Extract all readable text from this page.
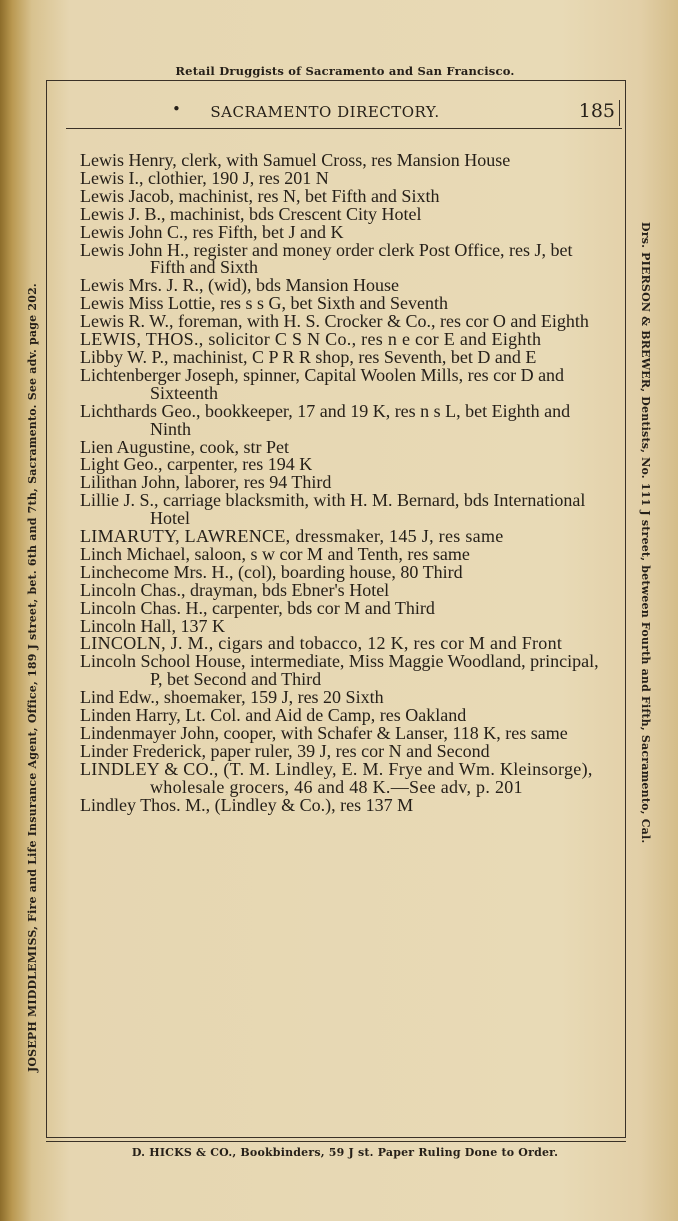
Retail Druggists of Sacramento and San Francisco.
•	SACRAMENTO DIRECTORY.	185
JOSEPH MIDDLEMISS, Fire and Life Insurance Agent, Office, 189 J street, bet. 6th and 7th, Sacramento. See adv. page 202.	Drs. PIERSON & BREWER, Dentists, No. 111 J street, between Fourth and Fifth, Sacramento, Cal.
Lewis Henry, clerk, with Samuel Cross, res Mansion House
Lewis I., clothier, 190 J, res 201 N
Lewis Jacob, machinist, res N, bet Fifth and Sixth
Lewis J. B., machinist, bds Crescent City Hotel
Lewis John C., res Fifth, bet J and K
Lewis John H., register and money order clerk Post Office, res J, bet Fifth and Sixth
Lewis Mrs. J. R., (wid), bds Mansion House
Lewis Miss Lottie, res s s G, bet Sixth and Seventh
Lewis R. W., foreman, with H. S. Crocker & Co., res cor O and Eighth
LEWIS, THOS., solicitor C S N Co., res n e cor E and Eighth
Libby W. P., machinist, C P R R shop, res Seventh, bet D and E
Lichtenberger Joseph, spinner, Capital Woolen Mills, res cor D and Sixteenth
Lichthards Geo., bookkeeper, 17 and 19 K, res n s L, bet Eighth and Ninth
Lien Augustine, cook, str Pet
Light Geo., carpenter, res 194 K
Lilithan John, laborer, res 94 Third
Lillie J. S., carriage blacksmith, with H. M. Bernard, bds International Hotel
LIMARUTY, LAWRENCE, dressmaker, 145 J, res same
Linch Michael, saloon, s w cor M and Tenth, res same
Linchecome Mrs. H., (col), boarding house, 80 Third
Lincoln Chas., drayman, bds Ebner's Hotel
Lincoln Chas. H., carpenter, bds cor M and Third
Lincoln Hall, 137 K
LINCOLN, J. M., cigars and tobacco, 12 K, res cor M and Front
Lincoln School House, intermediate, Miss Maggie Woodland, principal, P, bet Second and Third
Lind Edw., shoemaker, 159 J, res 20 Sixth
Linden Harry, Lt. Col. and Aid de Camp, res Oakland
Lindenmayer John, cooper, with Schafer & Lanser, 118 K, res same
Linder Frederick, paper ruler, 39 J, res cor N and Second
LINDLEY & CO., (T. M. Lindley, E. M. Frye and Wm. Kleinsorge), wholesale grocers, 46 and 48 K.—See adv, p. 201
Lindley Thos. M., (Lindley & Co.), res 137 M
D. HICKS & CO., Bookbinders, 59 J st. Paper Ruling Done to Order.
